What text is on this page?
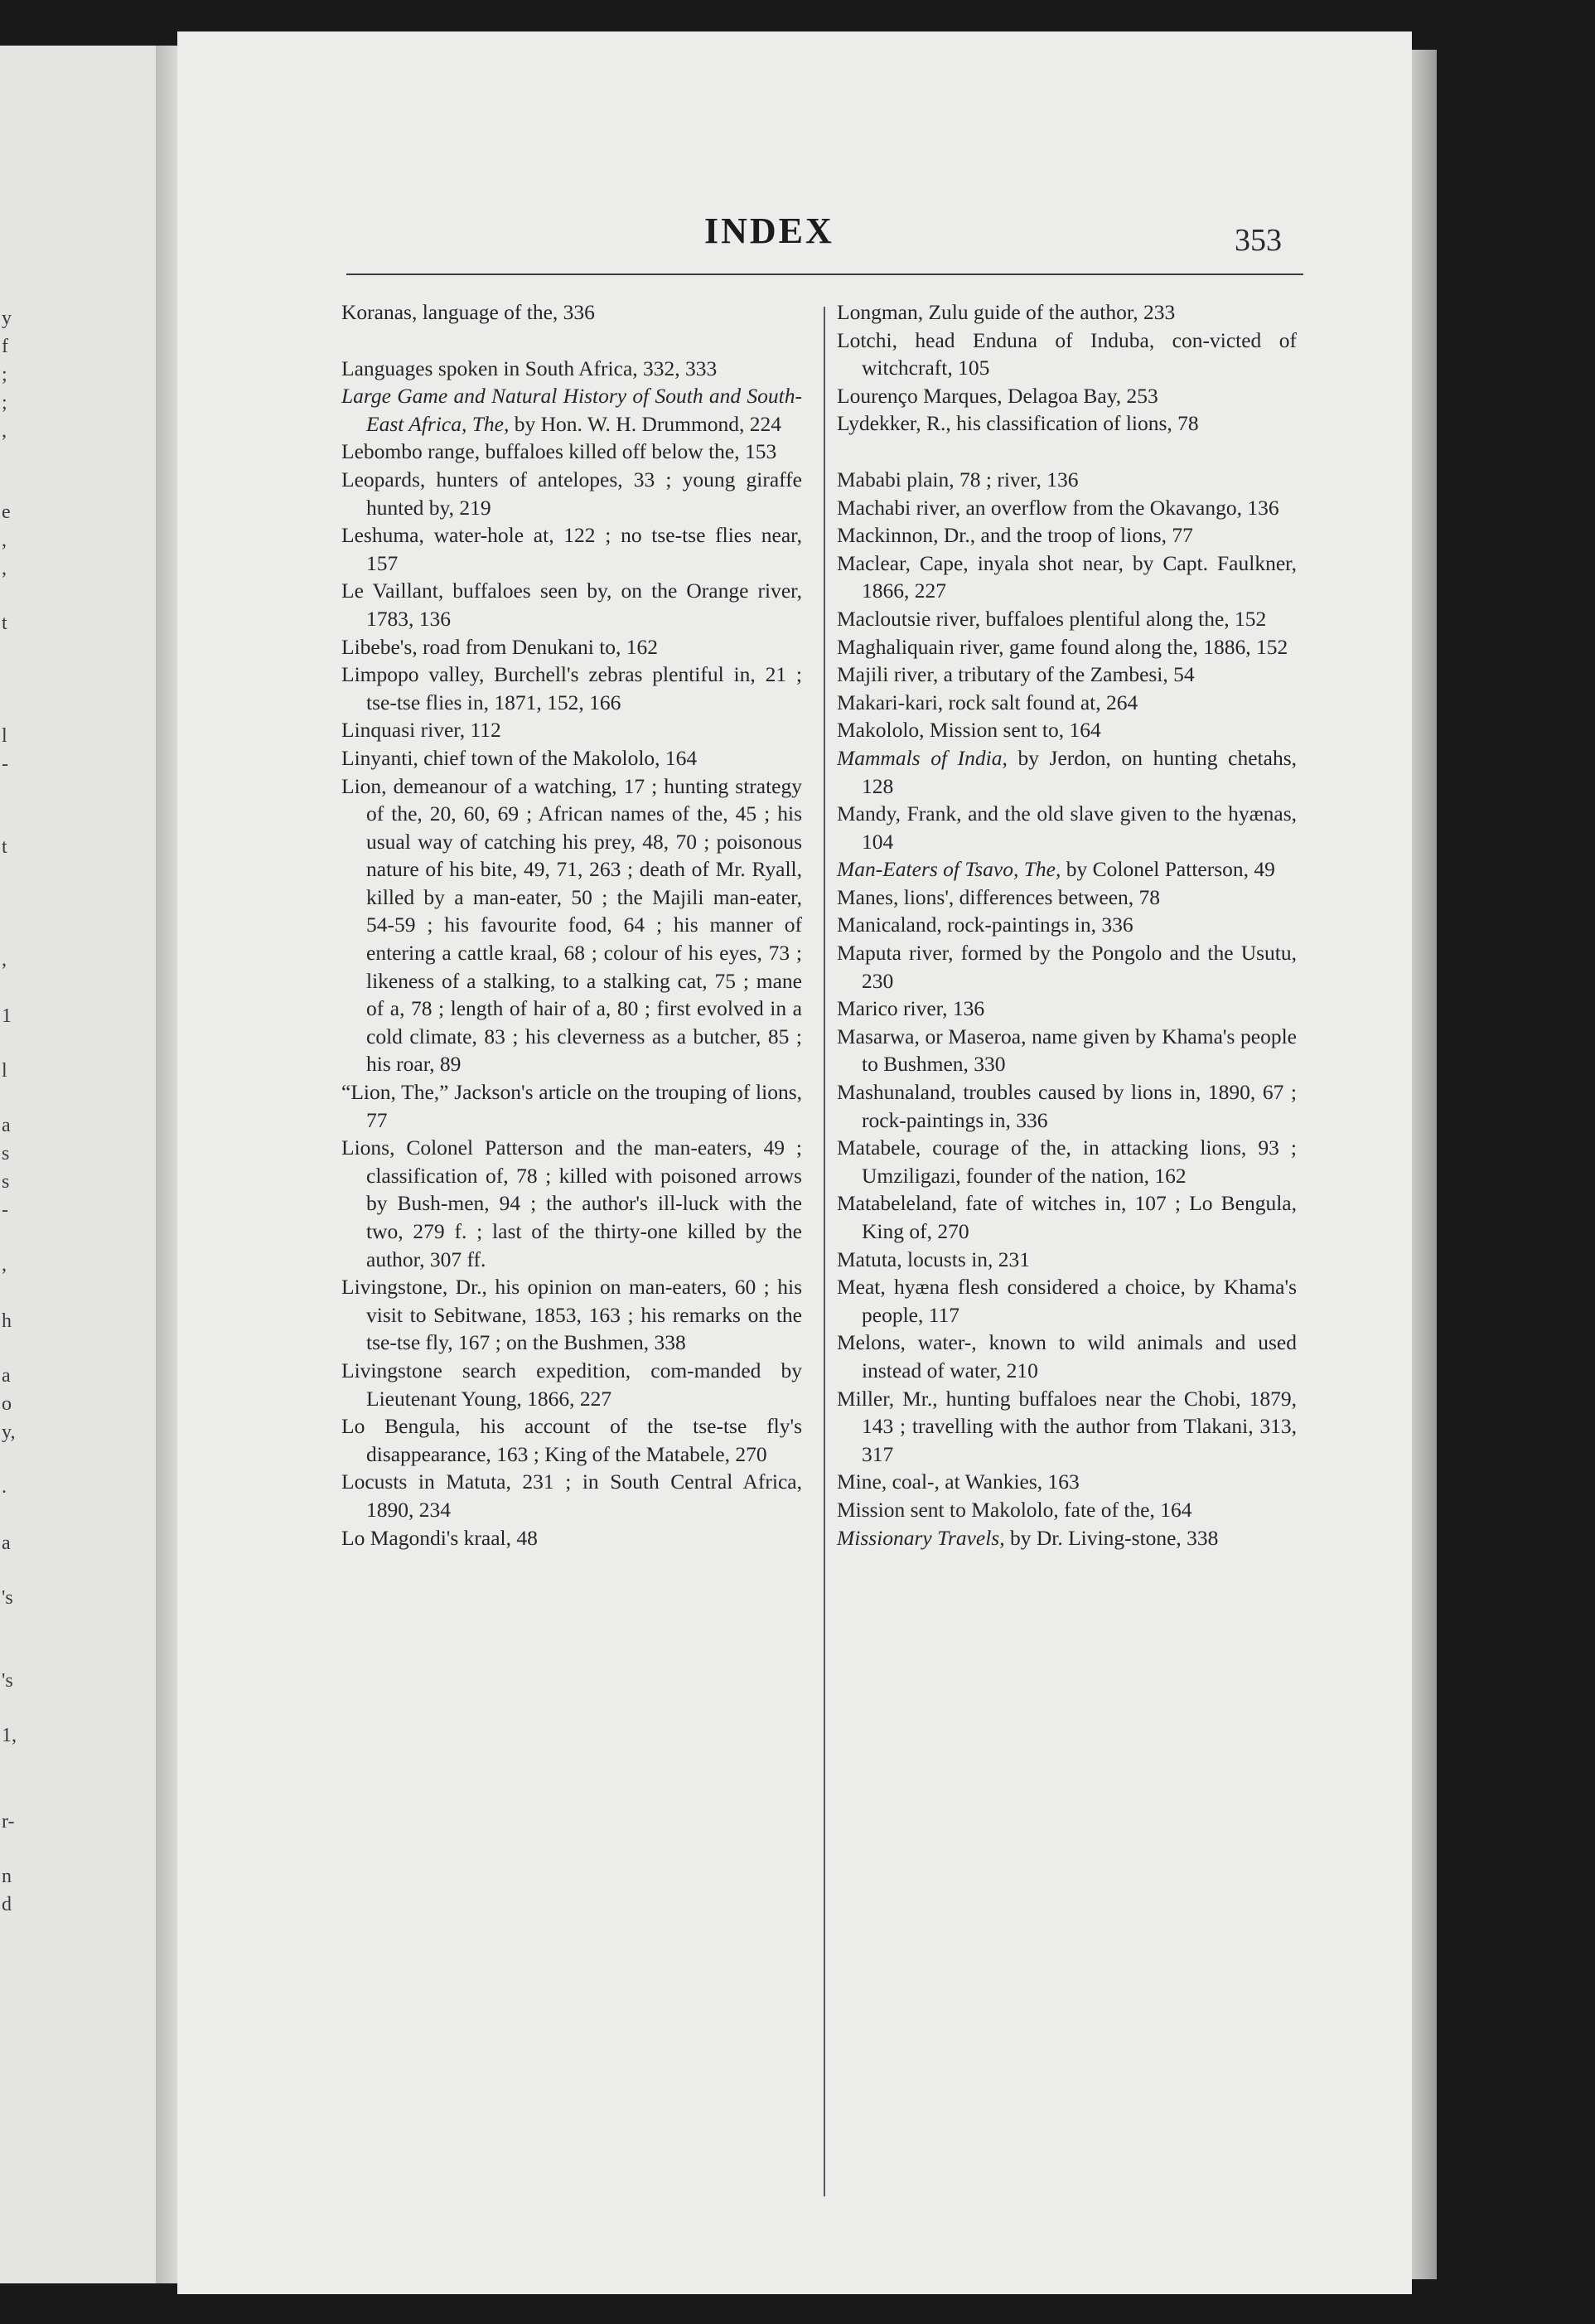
y
f
;
;
,
e
,
,
t
l
-
t
,
1
l
a
s
s
-
,
h
a
o
y,
.
a
's
's
1,
r-
n
d
INDEX	353
Koranas, language of the, 336
Languages spoken in South Africa, 332, 333
Large Game and Natural History of South and South-East Africa, The, by Hon. W. H. Drummond, 224
Lebombo range, buffaloes killed off below the, 153
Leopards, hunters of antelopes, 33 ; young giraffe hunted by, 219
Leshuma, water-hole at, 122 ; no tse-tse flies near, 157
Le Vaillant, buffaloes seen by, on the Orange river, 1783, 136
Libebe's, road from Denukani to, 162
Limpopo valley, Burchell's zebras plentiful in, 21 ; tse-tse flies in, 1871, 152, 166
Linquasi river, 112
Linyanti, chief town of the Makololo, 164
Lion, demeanour of a watching, 17 ; hunting strategy of the, 20, 60, 69 ; African names of the, 45 ; his usual way of catching his prey, 48, 70 ; poisonous nature of his bite, 49, 71, 263 ; death of Mr. Ryall, killed by a man-eater, 50 ; the Majili man-eater, 54-59 ; his favourite food, 64 ; his manner of entering a cattle kraal, 68 ; colour of his eyes, 73 ; likeness of a stalking, to a stalking cat, 75 ; mane of a, 78 ; length of hair of a, 80 ; first evolved in a cold climate, 83 ; his cleverness as a butcher, 85 ; his roar, 89
“Lion, The,” Jackson's article on the trouping of lions, 77
Lions, Colonel Patterson and the man-eaters, 49 ; classification of, 78 ; killed with poisoned arrows by Bush-men, 94 ; the author's ill-luck with the two, 279 f. ; last of the thirty-one killed by the author, 307 ff.
Livingstone, Dr., his opinion on man-eaters, 60 ; his visit to Sebitwane, 1853, 163 ; his remarks on the tse-tse fly, 167 ; on the Bushmen, 338
Livingstone search expedition, com-manded by Lieutenant Young, 1866, 227
Lo Bengula, his account of the tse-tse fly's disappearance, 163 ; King of the Matabele, 270
Locusts in Matuta, 231 ; in South Central Africa, 1890, 234
Lo Magondi's kraal, 48
Longman, Zulu guide of the author, 233
Lotchi, head Enduna of Induba, con-victed of witchcraft, 105
Lourenço Marques, Delagoa Bay, 253
Lydekker, R., his classification of lions, 78
Mababi plain, 78 ; river, 136
Machabi river, an overflow from the Okavango, 136
Mackinnon, Dr., and the troop of lions, 77
Maclear, Cape, inyala shot near, by Capt. Faulkner, 1866, 227
Macloutsie river, buffaloes plentiful along the, 152
Maghaliquain river, game found along the, 1886, 152
Majili river, a tributary of the Zambesi, 54
Makari-kari, rock salt found at, 264
Makololo, Mission sent to, 164
Mammals of India, by Jerdon, on hunting chetahs, 128
Mandy, Frank, and the old slave given to the hyænas, 104
Man-Eaters of Tsavo, The, by Colonel Patterson, 49
Manes, lions', differences between, 78
Manicaland, rock-paintings in, 336
Maputa river, formed by the Pongolo and the Usutu, 230
Marico river, 136
Masarwa, or Maseroa, name given by Khama's people to Bushmen, 330
Mashunaland, troubles caused by lions in, 1890, 67 ; rock-paintings in, 336
Matabele, courage of the, in attacking lions, 93 ; Umziligazi, founder of the nation, 162
Matabeleland, fate of witches in, 107 ; Lo Bengula, King of, 270
Matuta, locusts in, 231
Meat, hyæna flesh considered a choice, by Khama's people, 117
Melons, water-, known to wild animals and used instead of water, 210
Miller, Mr., hunting buffaloes near the Chobi, 1879, 143 ; travelling with the author from Tlakani, 313, 317
Mine, coal-, at Wankies, 163
Mission sent to Makololo, fate of the, 164
Missionary Travels, by Dr. Living-stone, 338
